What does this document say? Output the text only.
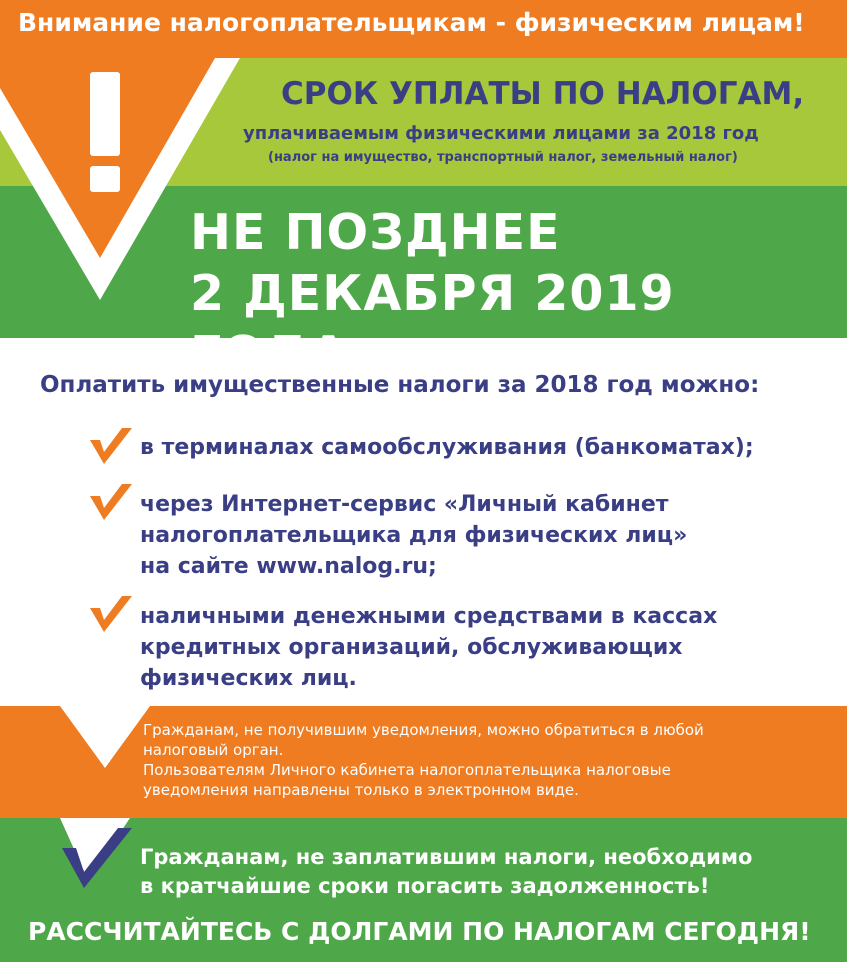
Внимание налогоплательщикам - физическим лицам!
СРОК УПЛАТЫ ПО НАЛОГАМ,
уплачиваемым физическими лицами за 2018 год
(налог на имущество, транспортный налог, земельный налог)
НЕ ПОЗДНЕЕ
2 ДЕКАБРЯ 2019 ГОДА
Оплатить имущественные налоги за 2018 год можно:
в терминалах самообслуживания (банкоматах);
через Интернет-сервис «Личный кабинет
налогоплательщика для физических лиц»
на сайте www.nalog.ru;
наличными денежными средствами в кассах
кредитных организаций, обслуживающих
физических лиц.
Гражданам, не получившим уведомления, можно обратиться в любой
налоговый орган.
Пользователям Личного кабинета налогоплательщика налоговые
уведомления направлены только в электронном виде.
Гражданам, не заплатившим налоги, необходимо
в кратчайшие сроки погасить задолженность!
РАССЧИТАЙТЕСЬ С ДОЛГАМИ ПО НАЛОГАМ СЕГОДНЯ!
